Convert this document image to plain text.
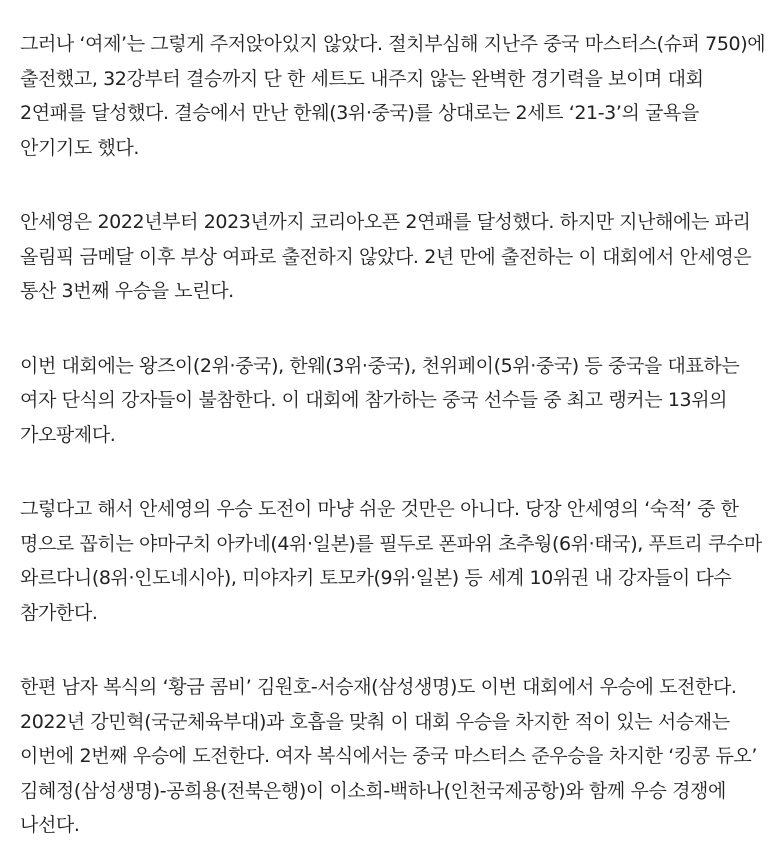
그러나 ‘여제’는 그렇게 주저앉아있지 않았다. 절치부심해 지난주 중국 마스터스(슈퍼 750)에 출전했고, 32강부터 결승까지 단 한 세트도 내주지 않는 완벽한 경기력을 보이며 대회 2연패를 달성했다. 결승에서 만난 한웨(3위·중국)를 상대로는 2세트 ‘21-3’의 굴욕을 안기기도 했다.

안세영은 2022년부터 2023년까지 코리아오픈 2연패를 달성했다. 하지만 지난해에는 파리 올림픽 금메달 이후 부상 여파로 출전하지 않았다. 2년 만에 출전하는 이 대회에서 안세영은 통산 3번째 우승을 노린다.

이번 대회에는 왕즈이(2위·중국), 한웨(3위·중국), 천위페이(5위·중국) 등 중국을 대표하는 여자 단식의 강자들이 불참한다. 이 대회에 참가하는 중국 선수들 중 최고 랭커는 13위의 가오팡제다.

그렇다고 해서 안세영의 우승 도전이 마냥 쉬운 것만은 아니다. 당장 안세영의 ‘숙적’ 중 한 명으로 꼽히는 야마구치 아카네(4위·일본)를 필두로 폰파위 초추웡(6위·태국), 푸트리 쿠수마 와르다니(8위·인도네시아), 미야자키 토모카(9위·일본) 등 세계 10위권 내 강자들이 다수 참가한다.

한편 남자 복식의 ‘황금 콤비’ 김원호-서승재(삼성생명)도 이번 대회에서 우승에 도전한다. 2022년 강민혁(국군체육부대)과 호흡을 맞춰 이 대회 우승을 차지한 적이 있는 서승재는 이번에 2번째 우승에 도전한다. 여자 복식에서는 중국 마스터스 준우승을 차지한 ‘킹콩 듀오’ 김혜정(삼성생명)-공희용(전북은행)이 이소희-백하나(인천국제공항)와 함께 우승 경쟁에 나선다.
